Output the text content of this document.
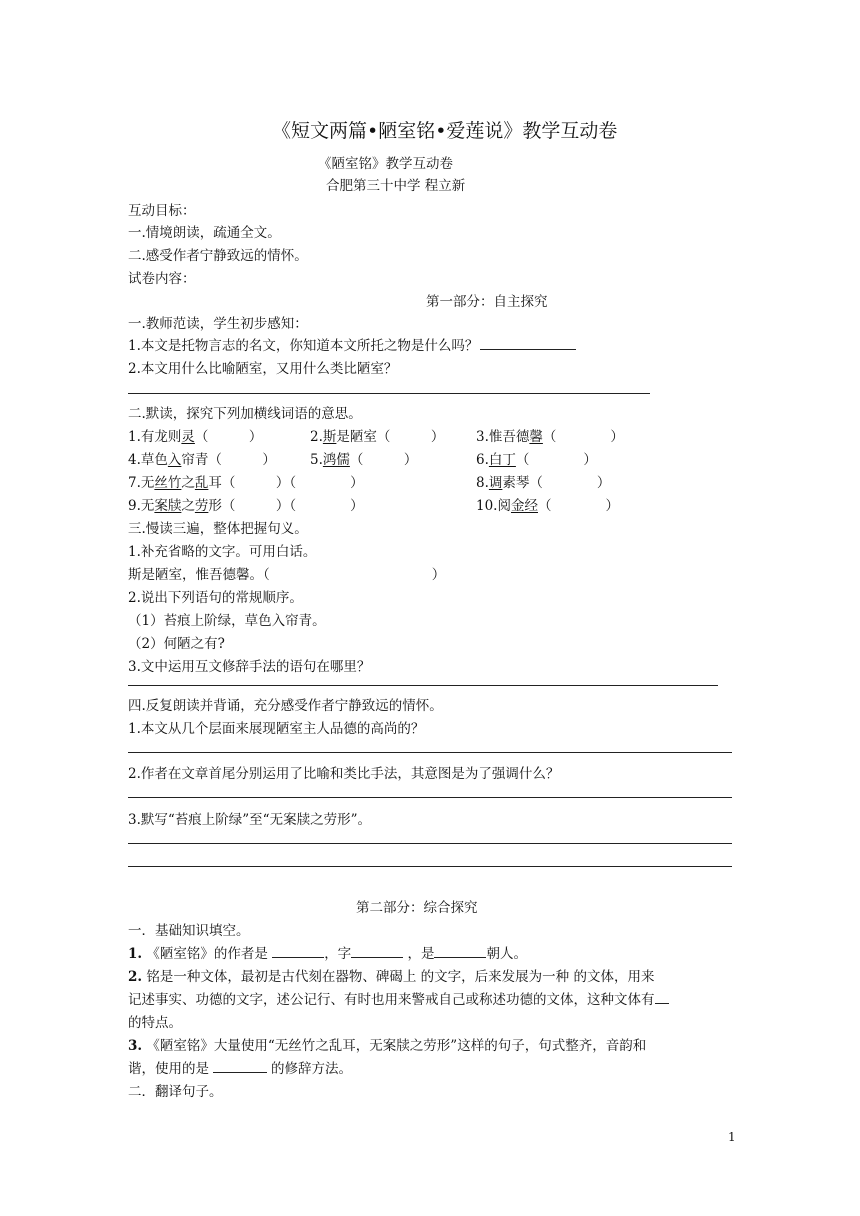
《短文两篇•陋室铭•爱莲说》教学互动卷
《陋室铭》教学互动卷
合肥第三十中学 程立新
互动目标：
一.情境朗读，疏通全文。
二.感受作者宁静致远的情怀。
试卷内容：
第一部分：自主探究
一.教师范读，学生初步感知：
1.本文是托物言志的名文，你知道本文所托之物是什么吗？
2.本文用什么比喻陋室，又用什么类比陋室？
二.默读，探究下列加横线词语的意思。
1.有龙则灵（　　　）	2.斯是陋室（　　　） 3.惟吾德馨（　　　　）
4.草色入帘青（　　　）	5.鸿儒（　　　）	6.白丁（　　　　）
7.无丝竹之乱耳（　　　）（　　　　）	8.调素琴（　　　　）
9.无案牍之劳形（　　　）（　　　　）	10.阅金经（　　　　）
三.慢读三遍，整体把握句义。
1.补充省略的文字。可用白话。
斯是陋室，惟吾德馨。（　　　　　　　　　　　　）
2.说出下列语句的常规顺序。
（1）苔痕上阶绿，草色入帘青。
（2）何陋之有?
3.文中运用互文修辞手法的语句在哪里？
四.反复朗读并背诵，充分感受作者宁静致远的情怀。
1.本文从几个层面来展现陋室主人品德的高尚的？
2.作者在文章首尾分别运用了比喻和类比手法，其意图是为了强调什么？
3.默写“苔痕上阶绿”至“无案牍之劳形”。
第二部分：综合探究
一．基础知识填空。
1. 《陋室铭》的作者是	，字	，是	朝人。
2. 铭是一种文体，最初是古代刻在器物、碑碣上 的文字，后来发展为一种 的文体，用来
记述事实、功德的文字，述公记行、有时也用来警戒自己或称述功德的文体，这种文体有
的特点。
3. 《陋室铭》大量使用“无丝竹之乱耳，无案牍之劳形”这样的句子，句式整齐，音韵和
谐，使用的是	的修辞方法。
二．翻译句子。
1
